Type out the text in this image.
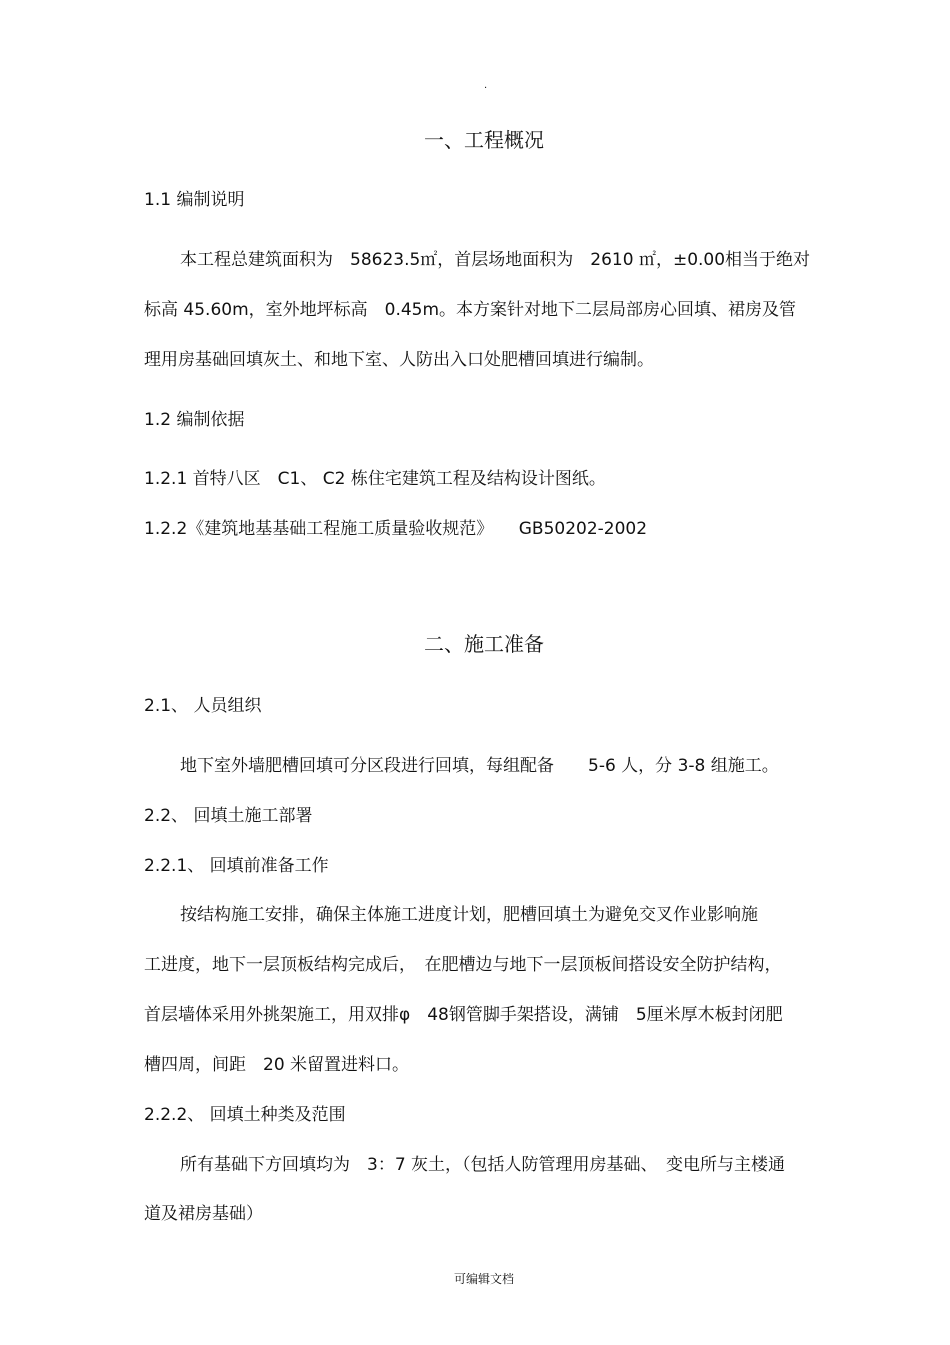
.
一、工程概况
1.1 编制说明
本工程总建筑面积为　58623.5㎡，首层场地面积为　2610 ㎡，±0.00相当于绝对
标高 45.60m，室外地坪标高　0.45m。本方案针对地下二层局部房心回填、裙房及管
理用房基础回填灰土、和地下室、人防出入口处肥槽回填进行编制。
1.2 编制依据
1.2.1 首特八区　C1、 C2 栋住宅建筑工程及结构设计图纸。
1.2.2《建筑地基基础工程施工质量验收规范》　　GB50202-2002
二、施工准备
2.1、 人员组织
地下室外墙肥槽回填可分区段进行回填，每组配备　　5-6 人，分 3-8 组施工。
2.2、 回填土施工部署
2.2.1、 回填前准备工作
按结构施工安排，确保主体施工进度计划，肥槽回填土为避免交叉作业影响施
工进度，地下一层顶板结构完成后，　在肥槽边与地下一层顶板间搭设安全防护结构，
首层墙体采用外挑架施工，用双排φ　48钢管脚手架搭设，满铺　5厘米厚木板封闭肥
槽四周，间距　20 米留置进料口。
2.2.2、 回填土种类及范围
所有基础下方回填均为　3：7 灰土，（包括人防管理用房基础、　变电所与主楼通
道及裙房基础）
可编辑文档
